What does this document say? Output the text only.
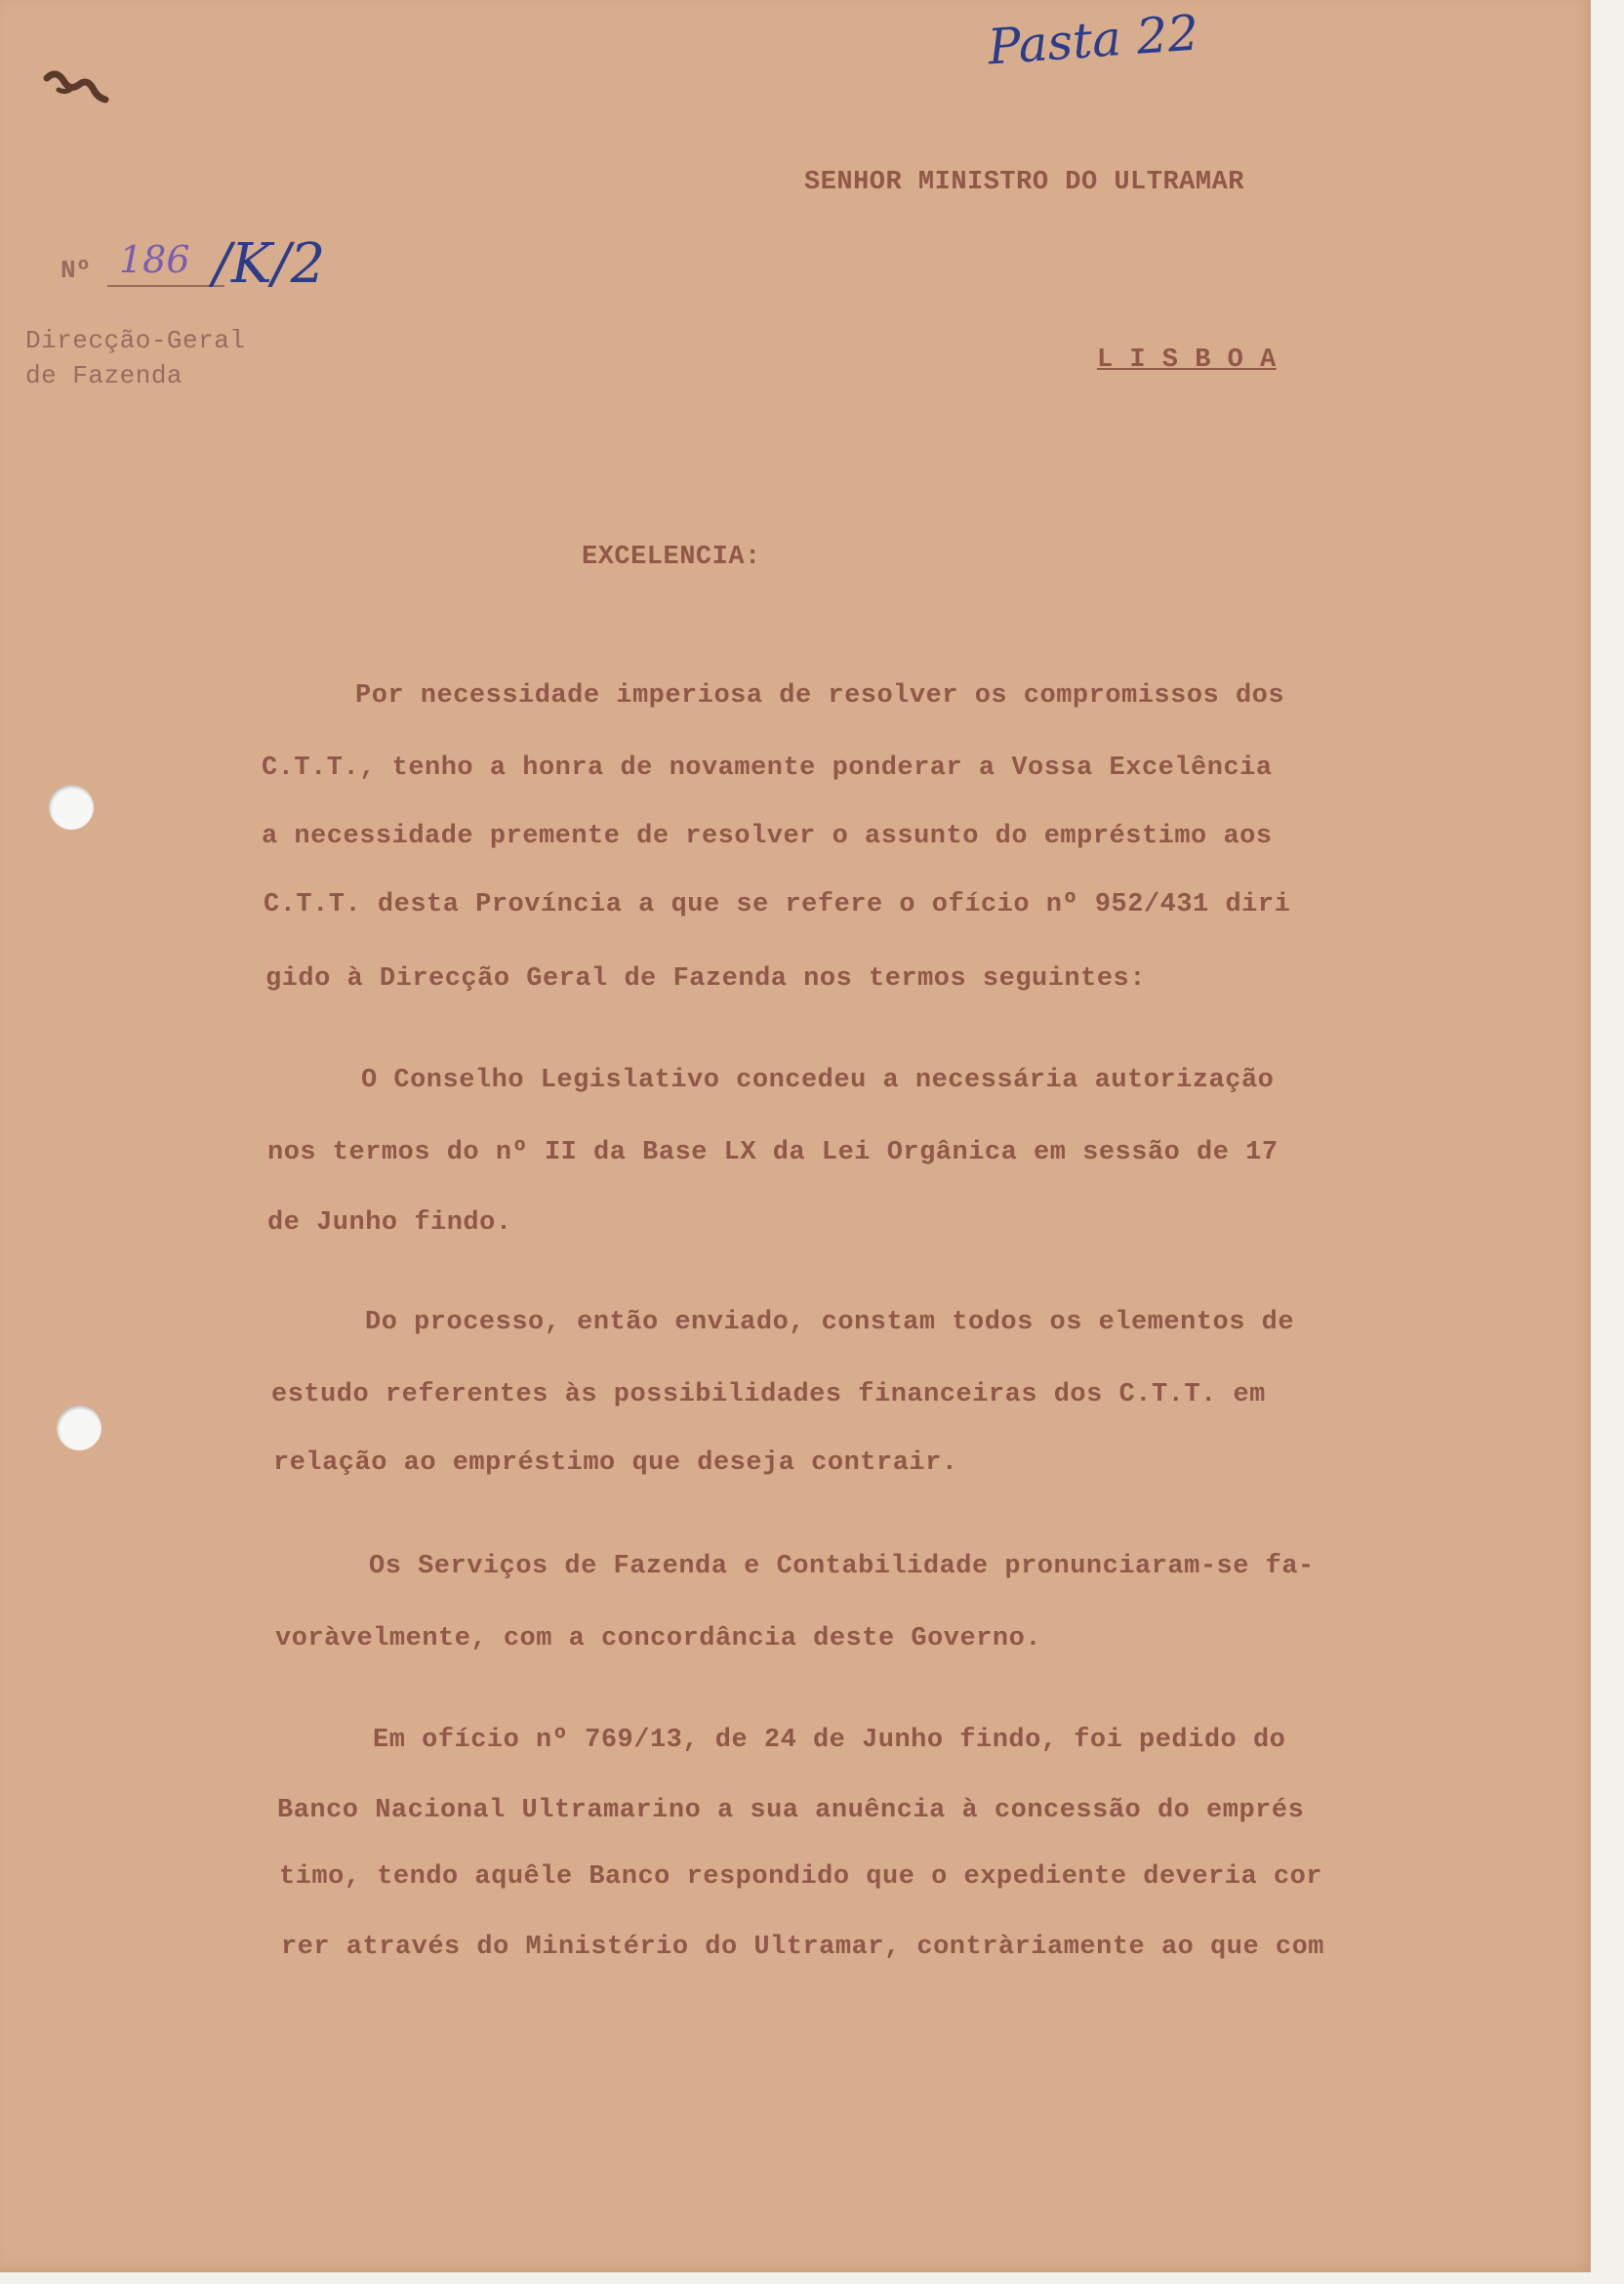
Pasta 22
SENHOR MINISTRO DO ULTRAMAR
Nº 186 /K/2
Direcção-Geral
de Fazenda
L I S B O A
EXCELENCIA:
Por necessidade imperiosa de resolver os compromissos dos
C.T.T., tenho a honra de novamente ponderar a Vossa Excelência
a necessidade premente de resolver o assunto do empréstimo aos
C.T.T. desta Província a que se refere o ofício nº 952/431 diri
gido à Direcção Geral de Fazenda nos termos seguintes:
O Conselho Legislativo concedeu a necessária autorização
nos termos do nº II da Base LX da Lei Orgânica em sessão de 17
de Junho findo.
Do processo, então enviado, constam todos os elementos de
estudo referentes às possibilidades financeiras dos C.T.T. em
relação ao empréstimo que deseja contrair.
Os Serviços de Fazenda e Contabilidade pronunciaram-se fa-
voràvelmente, com a concordância deste Governo.
Em ofício nº 769/13, de 24 de Junho findo, foi pedido do
Banco Nacional Ultramarino a sua anuência à concessão do emprés
timo, tendo aquêle Banco respondido que o expediente deveria cor
rer através do Ministério do Ultramar, contràriamente ao que com
